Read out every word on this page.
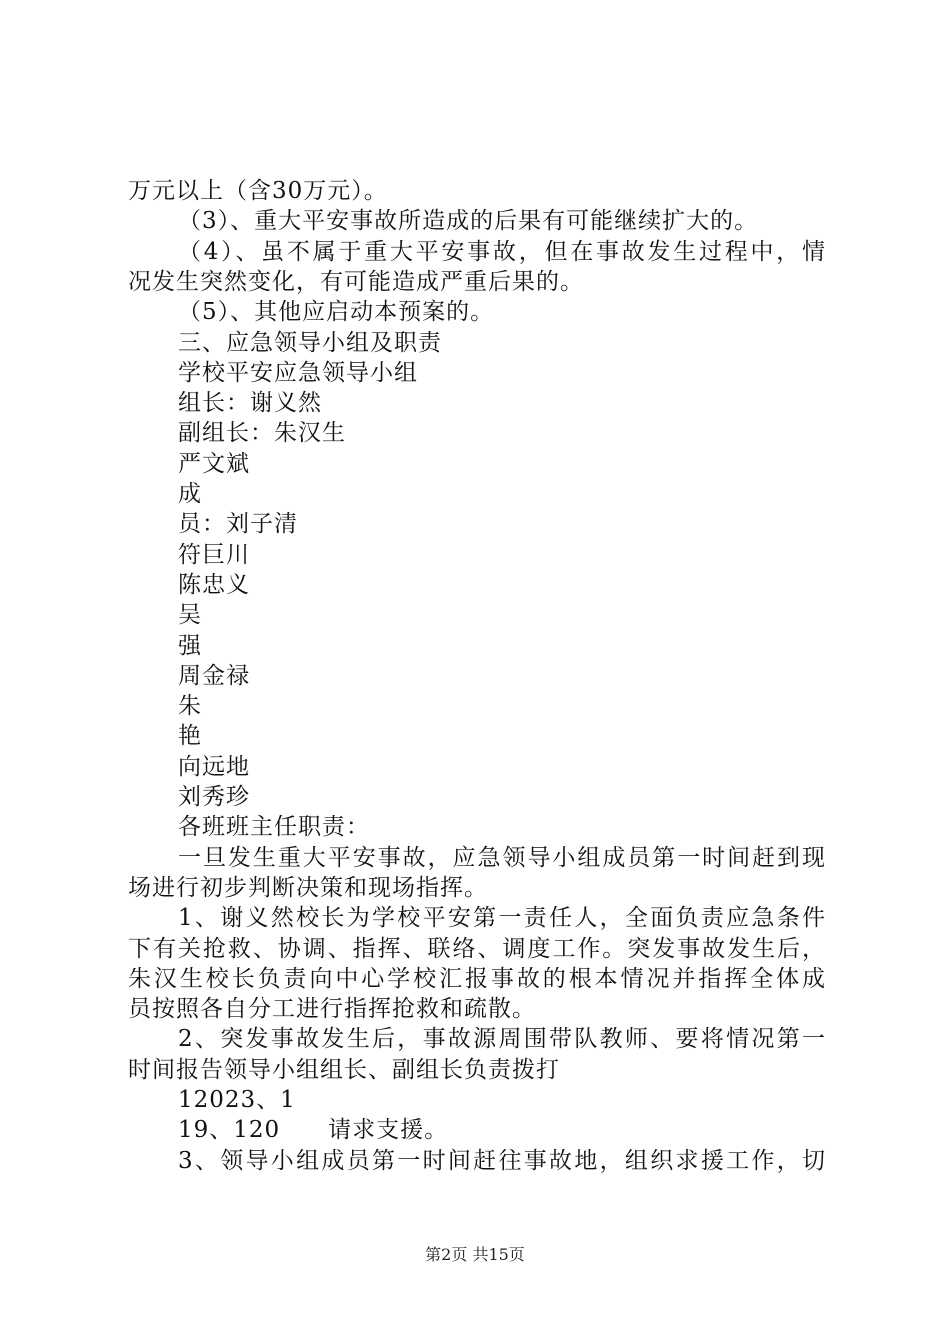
万元以上（含30万元）。
（3）、重大平安事故所造成的后果有可能继续扩大的。
（4）、虽不属于重大平安事故，但在事故发生过程中，情
况发生突然变化，有可能造成严重后果的。
（5）、其他应启动本预案的。
三、应急领导小组及职责
学校平安应急领导小组
组长：谢义然
副组长：朱汉生
严文斌
成
员：刘子清
符巨川
陈忠义
吴
强
周金禄
朱
艳
向远地
刘秀珍
各班班主任职责：
一旦发生重大平安事故，应急领导小组成员第一时间赶到现
场进行初步判断决策和现场指挥。
1、谢义然校长为学校平安第一责任人，全面负责应急条件
下有关抢救、协调、指挥、联络、调度工作。突发事故发生后，
朱汉生校长负责向中心学校汇报事故的根本情况并指挥全体成
员按照各自分工进行指挥抢救和疏散。
2、突发事故发生后，事故源周围带队教师、要将情况第一
时间报告领导小组组长、副组长负责拨打
12023、1
19、120　　请求支援。
3、领导小组成员第一时间赶往事故地，组织求援工作，切
第2页 共15页
